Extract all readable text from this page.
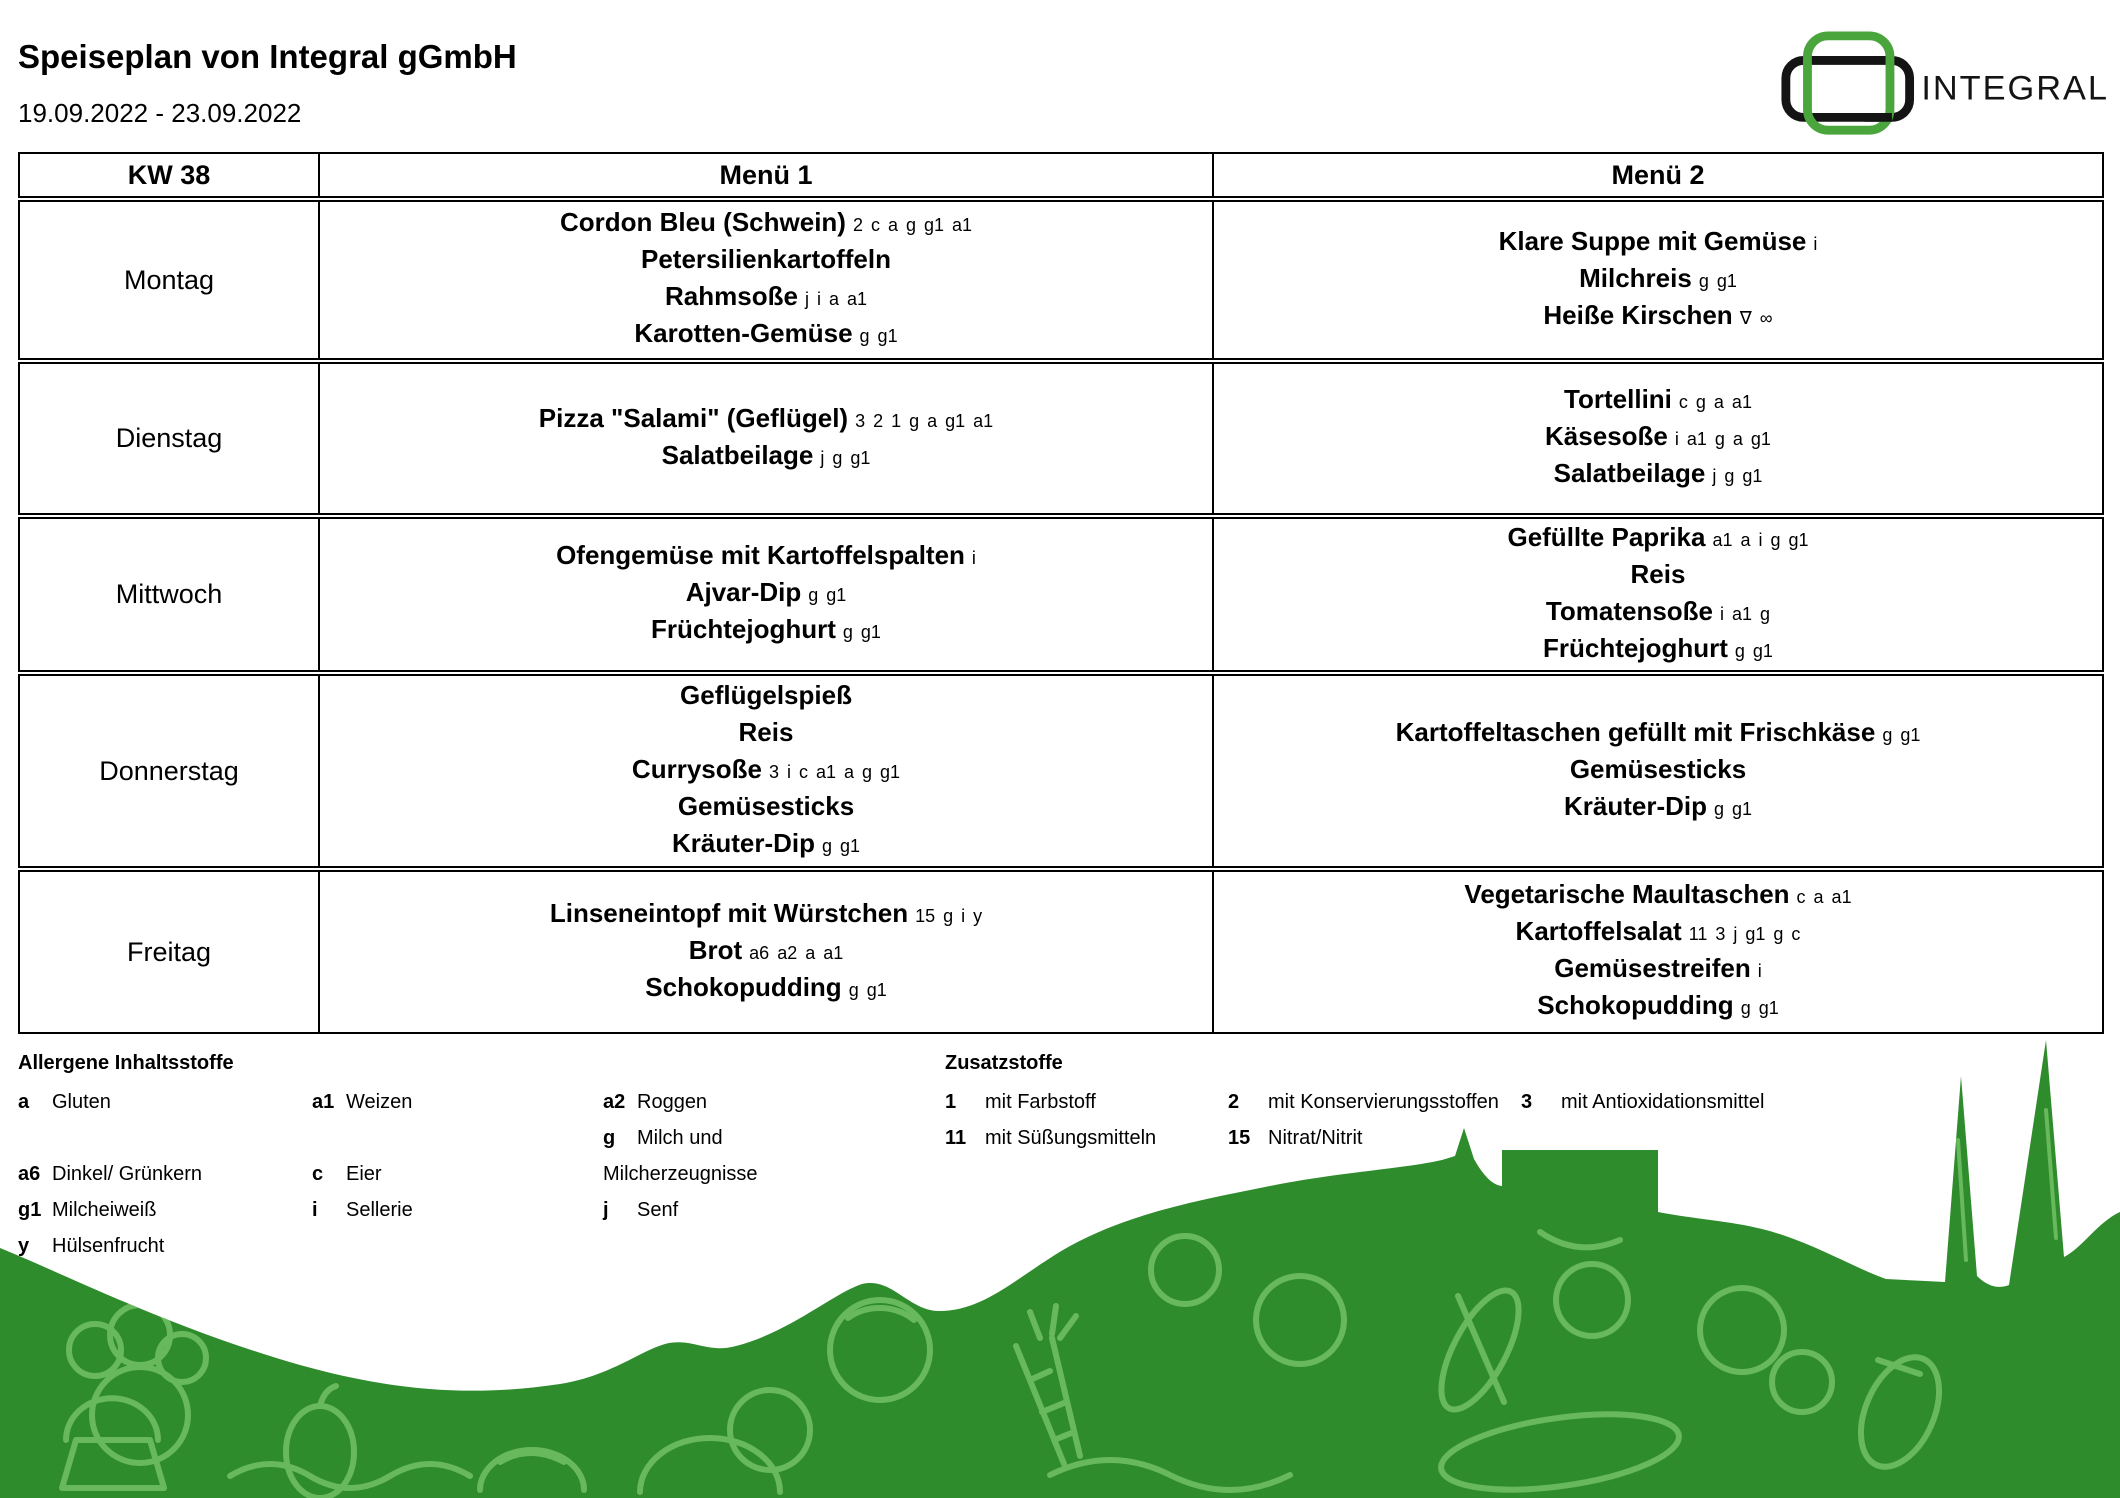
Speiseplan von Integral gGmbH
19.09.2022 - 23.09.2022
INTEGRAL
KW 38	Menü 1	Menü 2
Montag	
Cordon Bleu (Schwein) 2 c a g g1 a1
Petersilienkartoffeln
Rahmsoße j i a a1
Karotten-Gemüse g g1

Klare Suppe mit Gemüse i
Milchreis g g1
Heiße Kirschen ∇ ∞

Dienstag	
Pizza "Salami" (Geflügel) 3 2 1 g a g1 a1
Salatbeilage j g g1

Tortellini c g a a1
Käsesoße i a1 g a g1
Salatbeilage j g g1

Mittwoch	
Ofengemüse mit Kartoffelspalten i
Ajvar-Dip g g1
Früchtejoghurt g g1

Gefüllte Paprika a1 a i g g1
Reis
Tomatensoße i a1 g
Früchtejoghurt g g1

Donnerstag	
Geflügelspieß
Reis
Currysoße 3 i c a1 a g g1
Gemüsesticks
Kräuter-Dip g g1

Kartoffeltaschen gefüllt mit Frischkäse g g1
Gemüsesticks
Kräuter-Dip g g1

Freitag	
Linseneintopf mit Würstchen 15 g i y
Brot a6 a2 a a1
Schokopudding g g1

Vegetarische Maultaschen c a a1
Kartoffelsalat 11 3 j g1 g c
Gemüsestreifen i
Schokopudding g g1
Allergene Inhaltsstoffe
a Gluten
a6 Dinkel/ Grünkern
g1 Milcheiweiß
y Hülsenfrucht
a1 Weizen
c Eier
i Sellerie
a2 Roggen
g Milch und Milcherzeugnisse
j Senf
Zusatzstoffe
1 mit Farbstoff
11 mit Süßungsmitteln
2 mit Konservierungsstoffen
15 Nitrat/Nitrit
3 mit Antioxidationsmittel
